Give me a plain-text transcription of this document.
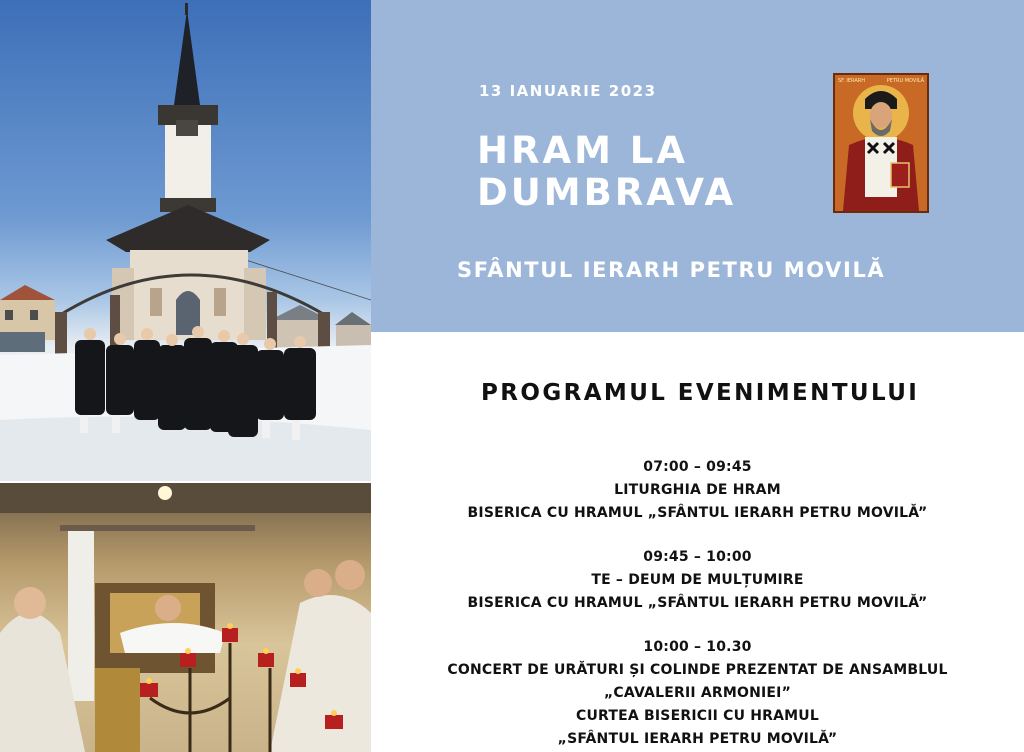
13 IANUARIE 2023
HRAM LA
DUMBRAVA
SF. IERARH	PETRU MOVILĂ
SFÂNTUL IERARH PETRU MOVILĂ
PROGRAMUL EVENIMENTULUI
07:00 – 09:45
LITURGHIA DE HRAM
BISERICA CU HRAMUL „SFÂNTUL IERARH PETRU MOVILĂ”
09:45 – 10:00
TE – DEUM DE MULȚUMIRE
BISERICA CU HRAMUL „SFÂNTUL IERARH PETRU MOVILĂ”
10:00 – 10.30
CONCERT DE URĂTURI ȘI COLINDE PREZENTAT DE ANSAMBLUL
„CAVALERII ARMONIEI”
CURTEA BISERICII CU HRAMUL
„SFÂNTUL IERARH PETRU MOVILĂ”
